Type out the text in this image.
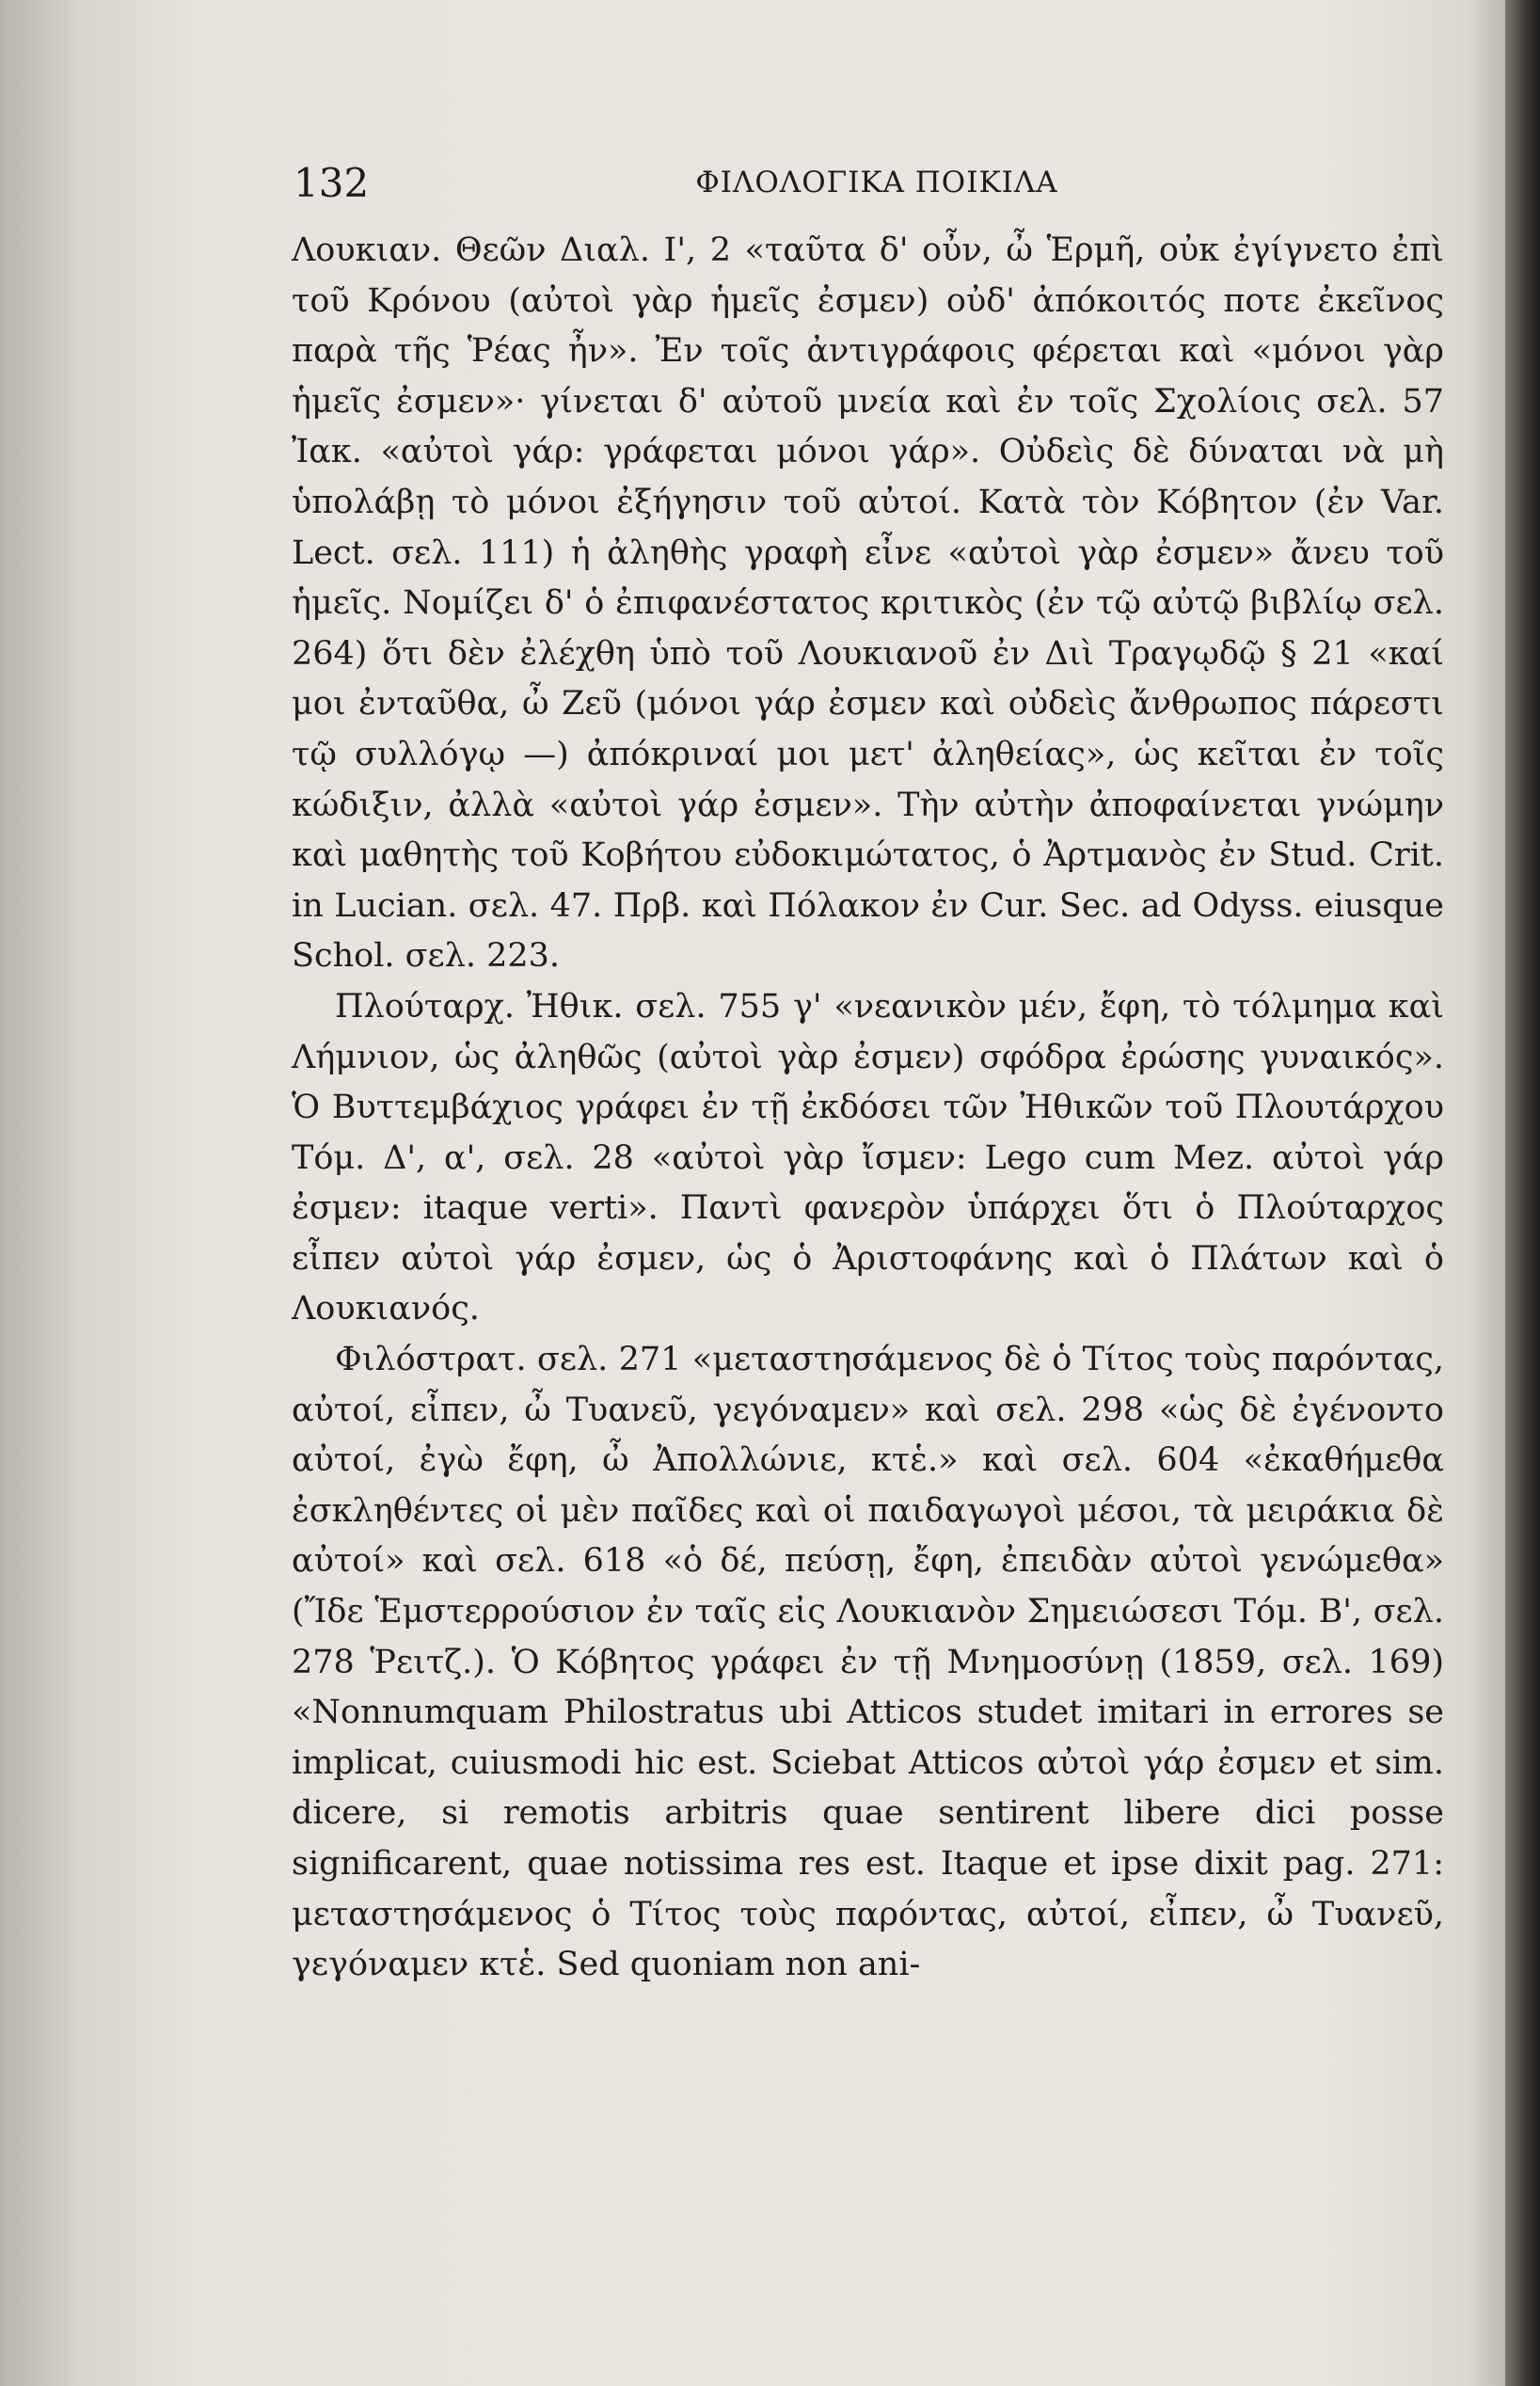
132	ΦΙΛΟΛΟΓΙΚΑ ΠΟΙΚΙΛΑ

Λουκιαν. Θεῶν Διαλ. Ι', 2 «ταῦτα δ' οὖν, ὦ Ἑρμῆ, οὐκ ἐγίγνετο ἐπὶ τοῦ Κρόνου (αὐτοὶ γὰρ ἡμεῖς ἐσμεν) οὐδ' ἀπόκοιτός ποτε ἐκεῖνος παρὰ τῆς Ῥέας ἦν». Ἐν τοῖς ἀντιγράφοις φέρεται καὶ «μόνοι γὰρ ἡμεῖς ἐσμεν»· γίνεται δ' αὐτοῦ μνεία καὶ ἐν τοῖς Σχολίοις σελ. 57 Ἰακ. «αὐτοὶ γάρ: γράφεται μόνοι γάρ». Οὐδεὶς δὲ δύναται νὰ μὴ ὑπολάβῃ τὸ μόνοι ἐξήγησιν τοῦ αὐτοί. Κατὰ τὸν Κόβητον (ἐν Var. Lect. σελ. 111) ἡ ἀληθὴς γραφὴ εἶνε «αὐτοὶ γὰρ ἐσμεν» ἄνευ τοῦ ἡμεῖς. Νομίζει δ' ὁ ἐπιφανέστατος κριτικὸς (ἐν τῷ αὐτῷ βιβλίῳ σελ. 264) ὅτι δὲν ἐλέχθη ὑπὸ τοῦ Λουκιανοῦ ἐν Διὶ Τραγῳδῷ § 21 «καί μοι ἐνταῦθα, ὦ Ζεῦ (μόνοι γάρ ἐσμεν καὶ οὐδεὶς ἄνθρωπος πάρεστι τῷ συλλόγῳ —) ἀπόκριναί μοι μετ' ἀληθείας», ὡς κεῖται ἐν τοῖς κώδιξιν, ἀλλὰ «αὐτοὶ γάρ ἐσμεν». Τὴν αὐτὴν ἀποφαίνεται γνώμην καὶ μαθητὴς τοῦ Κοβήτου εὐδοκιμώτατος, ὁ Ἀρτμανὸς ἐν Stud. Crit. in Lucian. σελ. 47. Πρβ. καὶ Πόλακον ἐν Cur. Sec. ad Odyss. eiusque Schol. σελ. 223.

Πλούταρχ. Ἠθικ. σελ. 755 γ' «νεανικὸν μέν, ἔφη, τὸ τόλμημα καὶ Λήμνιον, ὡς ἀληθῶς (αὐτοὶ γὰρ ἐσμεν) σφόδρα ἐρώσης γυναικός». Ὁ Βυττεμβάχιος γράφει ἐν τῇ ἐκδόσει τῶν Ἠθικῶν τοῦ Πλουτάρχου Τόμ. Δ', α', σελ. 28 «αὐτοὶ γὰρ ἴσμεν: Lego cum Mez. αὐτοὶ γάρ ἐσμεν: itaque verti». Παντὶ φανερὸν ὑπάρχει ὅτι ὁ Πλούταρχος εἶπεν αὐτοὶ γάρ ἐσμεν, ὡς ὁ Ἀριστοφάνης καὶ ὁ Πλάτων καὶ ὁ Λουκιανός.

Φιλόστρατ. σελ. 271 «μεταστησάμενος δὲ ὁ Τίτος τοὺς παρόντας, αὐτοί, εἶπεν, ὦ Τυανεῦ, γεγόναμεν» καὶ σελ. 298 «ὡς δὲ ἐγένοντο αὐτοί, ἐγὼ ἔφη, ὦ Ἀπολλώνιε, κτἑ.» καὶ σελ. 604 «ἐκαθήμεθα ἐσκληθέντες οἱ μὲν παῖδες καὶ οἱ παιδαγωγοὶ μέσοι, τὰ μειράκια δὲ αὐτοί» καὶ σελ. 618 «ὁ δέ, πεύσῃ, ἔφη, ἐπειδὰν αὐτοὶ γενώμεθα» (Ἴδε Ἑμστερρούσιον ἐν ταῖς εἰς Λουκιανὸν Σημειώσεσι Τόμ. Β', σελ. 278 Ῥειτζ.). Ὁ Κόβητος γράφει ἐν τῇ Μνημοσύνῃ (1859, σελ. 169) «Nonnumquam Philostratus ubi Atticos studet imitari in errores se implicat, cuiusmodi hic est. Sciebat Atticos αὐτοὶ γάρ ἐσμεν et sim. dicere, si remotis arbitris quae sentirent libere dici posse significarent, quae notissima res est. Itaque et ipse dixit pag. 271: μεταστησάμενος ὁ Τίτος τοὺς παρόντας, αὐτοί, εἶπεν, ὦ Τυανεῦ, γεγόναμεν κτἑ. Sed quoniam non ani-
